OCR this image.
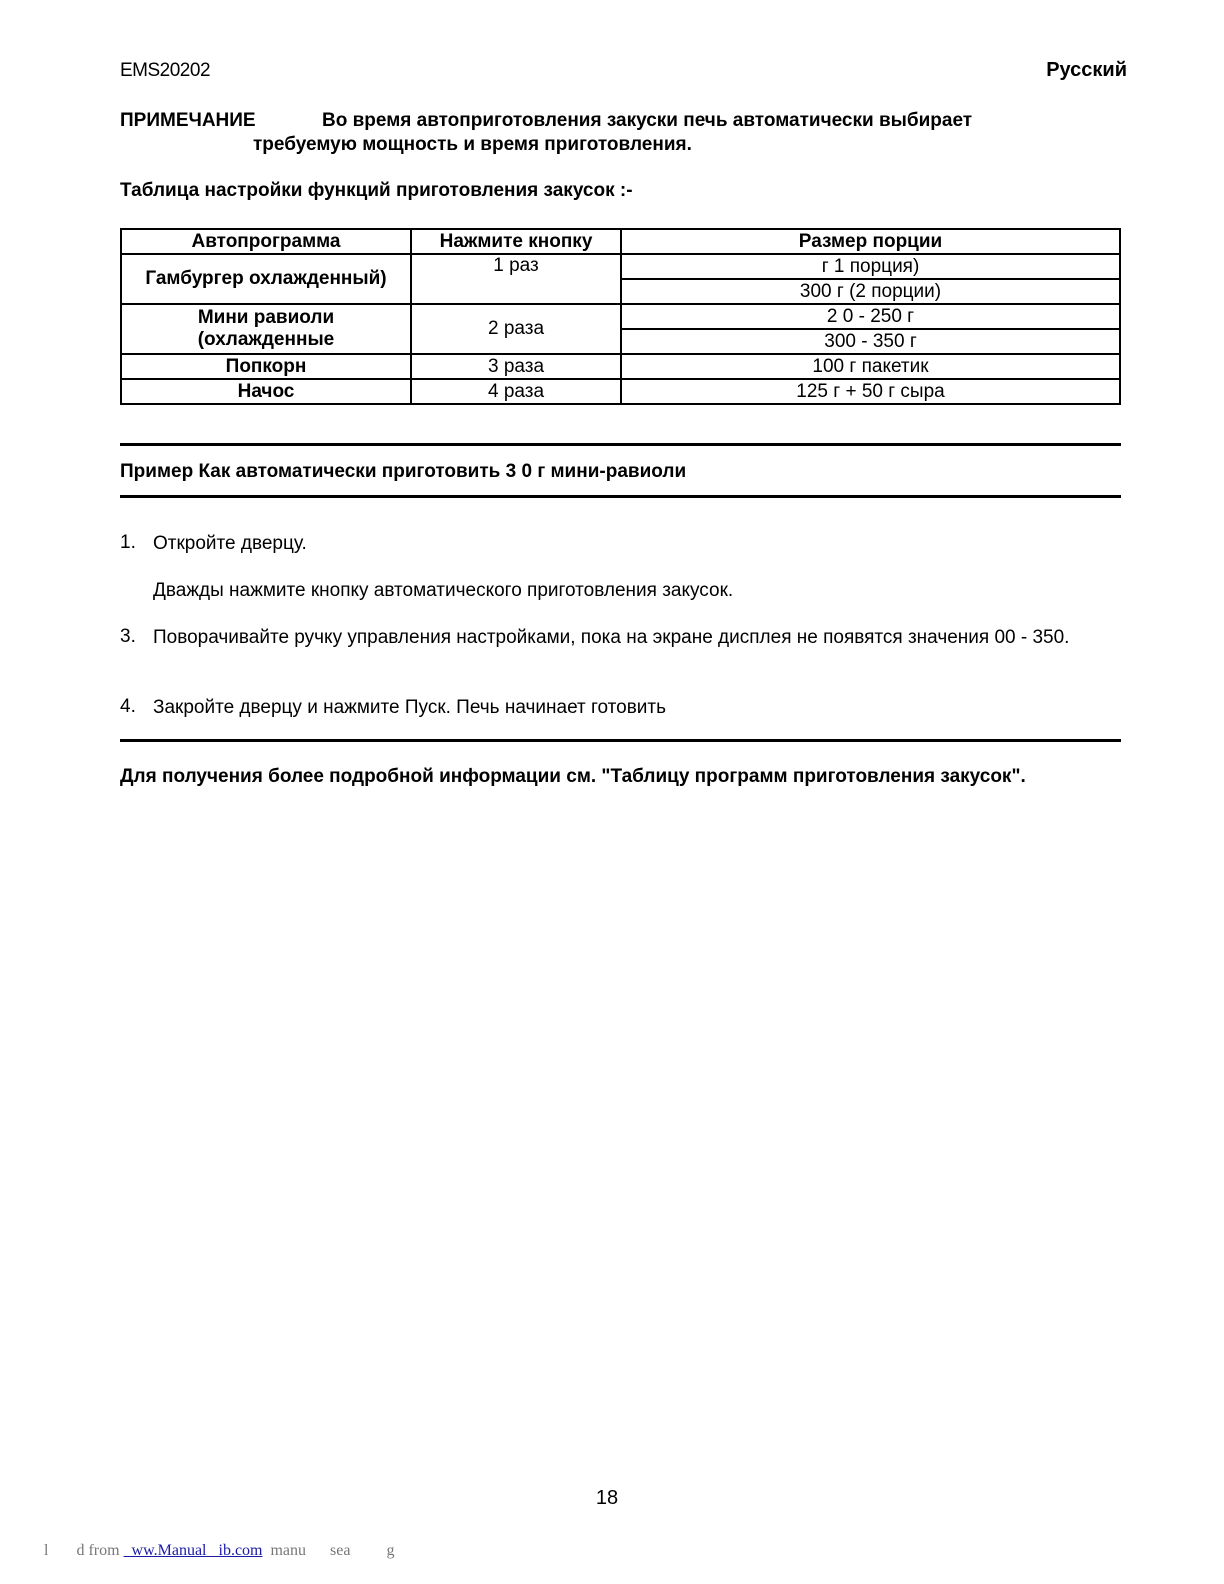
EMS20202	Русский
ПРИМЕЧАНИЕ	Во время автоприготовления закуски печь автоматически выбирает
требуемую мощность и время приготовления.
Таблица настройки функций приготовления закусок :-
Автопрограмма	Нажмите кнопку	Размер порции
Гамбургер охлажденный)	1 раз	г 1 порция)
		300 г (2 порции)
Мини равиоли
(охлажденные	2 раза	2 0 - 250 г
		300 - 350 г
Попкорн	3 раза	100 г пакетик
Начос	4 раза	125 г + 50 г сыра
Пример Как автоматически приготовить 3 0 г мини-равиоли
1. Откройте дверцу.
Дважды нажмите кнопку автоматического приготовления закусок.
3. Поворачивайте ручку управления настройками, пока на экране дисплея не появятся значения 00 - 350.
4. Закройте дверцу и нажмите Пуск. Печь начинает готовить
Для получения более подробной информации см. "Таблицу программ приготовления закусок".
18
l       d from   ww.Manual   ib.com  manu      sea         g
